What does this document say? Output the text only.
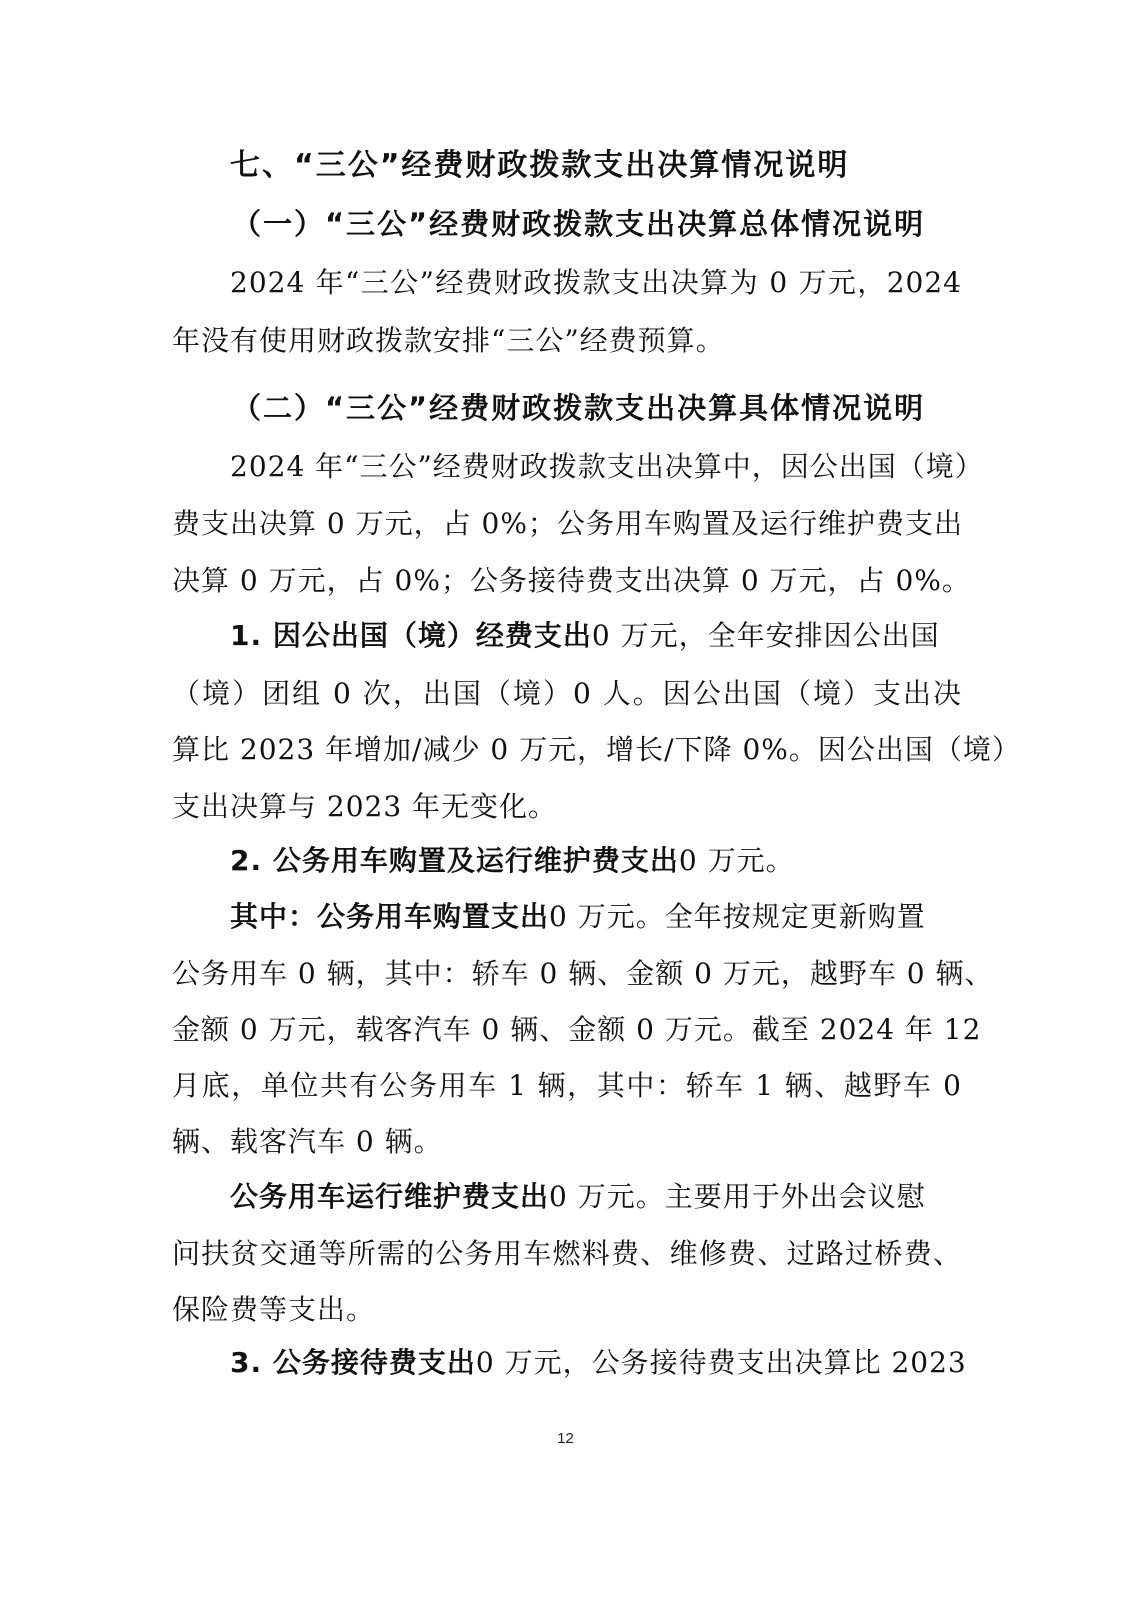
七、“三公”经费财政拨款支出决算情况说明

（一）“三公”经费财政拨款支出决算总体情况说明

2024 年“三公”经费财政拨款支出决算为 0 万元，2024

年没有使用财政拨款安排“三公”经费预算。

（二）“三公”经费财政拨款支出决算具体情况说明

2024 年“三公”经费财政拨款支出决算中，因公出国（境）

费支出决算 0 万元，占 0%；公务用车购置及运行维护费支出

决算 0 万元，占 0%；公务接待费支出决算 0 万元，占 0%。

1. 因公出国（境）经费支出0 万元，全年安排因公出国

（境）团组 0 次，出国（境）0 人。因公出国（境）支出决

算比 2023 年增加/减少 0 万元，增长/下降 0%。因公出国（境）

支出决算与 2023 年无变化。

2. 公务用车购置及运行维护费支出0 万元。

其中：公务用车购置支出0 万元。全年按规定更新购置

公务用车 0 辆，其中：轿车 0 辆、金额 0 万元，越野车 0 辆、

金额 0 万元，载客汽车 0 辆、金额 0 万元。截至 2024 年 12

月底，单位共有公务用车 1 辆，其中：轿车 1 辆、越野车 0

辆、载客汽车 0 辆。

公务用车运行维护费支出0 万元。主要用于外出会议慰

问扶贫交通等所需的公务用车燃料费、维修费、过路过桥费、

保险费等支出。

3. 公务接待费支出0 万元，公务接待费支出决算比 2023

12
